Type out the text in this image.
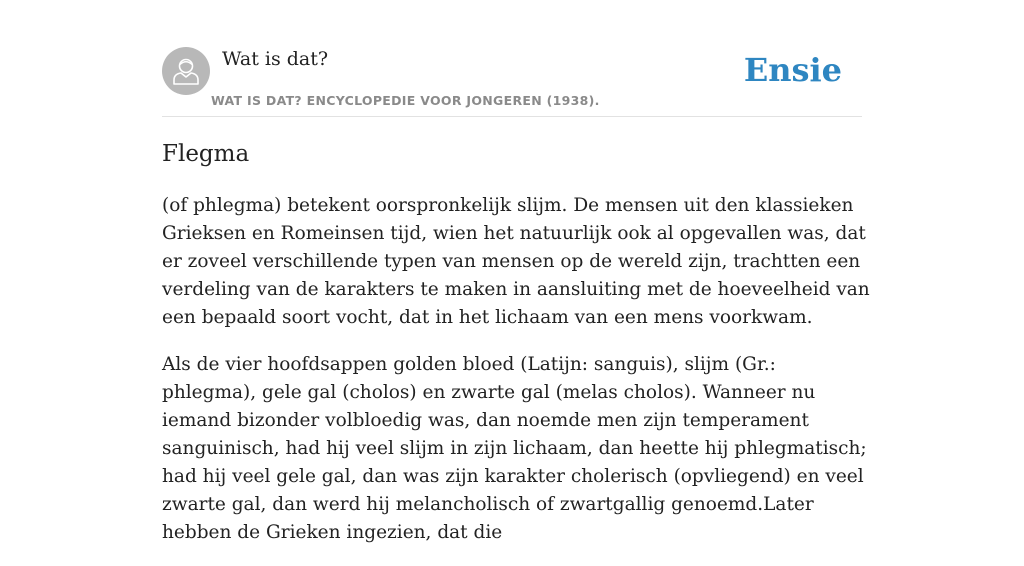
Wat is dat?
WAT IS DAT? ENCYCLOPEDIE VOOR JONGEREN (1938).
Ensie
Flegma

(of phlegma) betekent oorspronkelijk slijm. De mensen uit den klassieken Grieksen en Romeinsen tijd, wien het natuurlijk ook al opgevallen was, dat er zoveel verschillende typen van mensen op de wereld zijn, trachtten een verdeling van de karakters te maken in aansluiting met de hoeveelheid van een bepaald soort vocht, dat in het lichaam van een mens voorkwam.

Als de vier hoofdsappen golden bloed (Latijn: sanguis), slijm (Gr.: phlegma), gele gal (cholos) en zwarte gal (melas cholos). Wanneer nu iemand bizonder volbloedig was, dan noemde men zijn temperament sanguinisch, had hij veel slijm in zijn lichaam, dan heette hij phlegmatisch; had hij veel gele gal, dan was zijn karakter cholerisch (opvliegend) en veel zwarte gal, dan werd hij melancholisch of zwartgallig genoemd.Later hebben de Grieken ingezien, dat die
